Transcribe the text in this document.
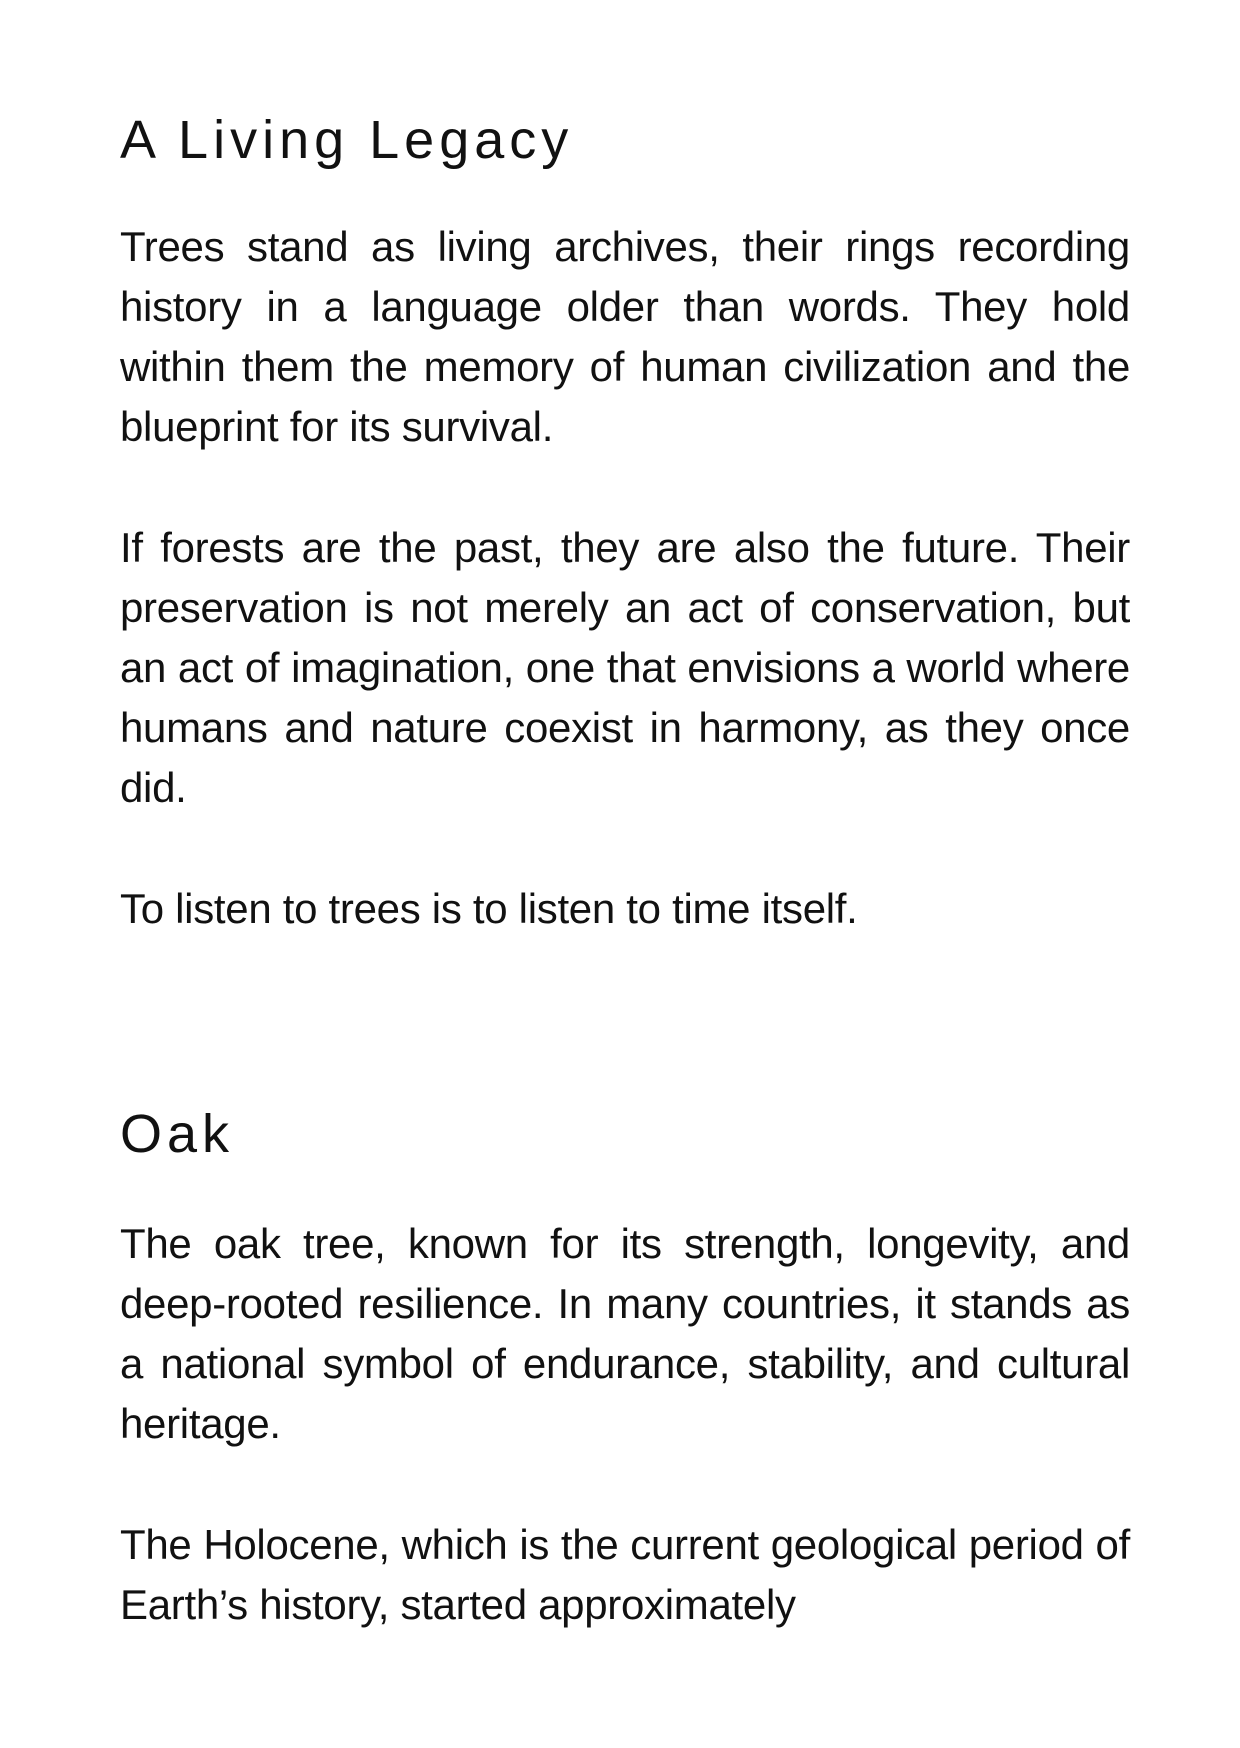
A Living Legacy

Trees stand as living archives, their rings recording history in a language older than words. They hold within them the memory of human civilization and the blueprint for its survival.

If forests are the past, they are also the future. Their preservation is not merely an act of conservation, but an act of imagination, one that envisions a world where humans and nature coexist in harmony, as they once did.

To listen to trees is to listen to time itself.

Oak

The oak tree, known for its strength, longevity, and deep-rooted resilience. In many countries, it stands as a national symbol of endurance, stability, and cultural heritage.

The Holocene, which is the current geological period of Earth’s history, started approximately
